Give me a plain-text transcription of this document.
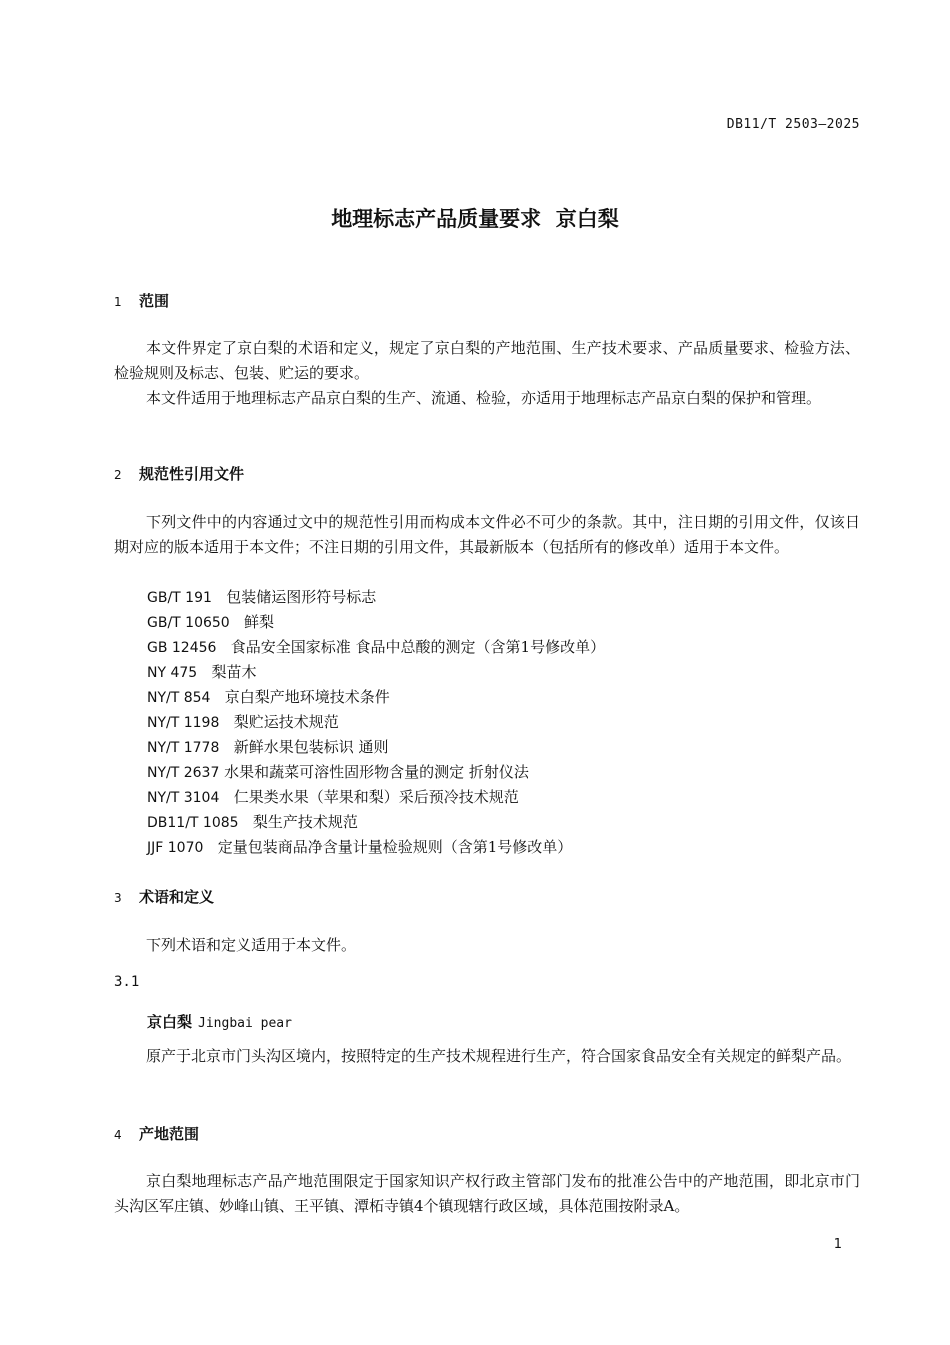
DB11/T 2503—2025
地理标志产品质量要求  京白梨
1 范围
本文件界定了京白梨的术语和定义，规定了京白梨的产地范围、生产技术要求、产品质量要求、检验方法、检验规则及标志、包装、贮运的要求。
本文件适用于地理标志产品京白梨的生产、流通、检验，亦适用于地理标志产品京白梨的保护和管理。
2 规范性引用文件
下列文件中的内容通过文中的规范性引用而构成本文件必不可少的条款。其中，注日期的引用文件，仅该日期对应的版本适用于本文件；不注日期的引用文件，其最新版本（包括所有的修改单）适用于本文件。
GB/T 191 包装储运图形符号标志
GB/T 10650 鲜梨
GB 12456 食品安全国家标准 食品中总酸的测定（含第1号修改单）
NY 475 梨苗木
NY/T 854 京白梨产地环境技术条件
NY/T 1198 梨贮运技术规范
NY/T 1778 新鲜水果包装标识 通则
NY/T 2637 水果和蔬菜可溶性固形物含量的测定 折射仪法
NY/T 3104 仁果类水果（苹果和梨）采后预冷技术规范
DB11/T 1085 梨生产技术规范
JJF 1070 定量包装商品净含量计量检验规则（含第1号修改单）
3 术语和定义
下列术语和定义适用于本文件。
3.1
京白梨 Jingbai pear
原产于北京市门头沟区境内，按照特定的生产技术规程进行生产，符合国家食品安全有关规定的鲜梨产品。
4 产地范围
京白梨地理标志产品产地范围限定于国家知识产权行政主管部门发布的批准公告中的产地范围，即北京市门头沟区军庄镇、妙峰山镇、王平镇、潭柘寺镇4个镇现辖行政区域，具体范围按附录A。
1
